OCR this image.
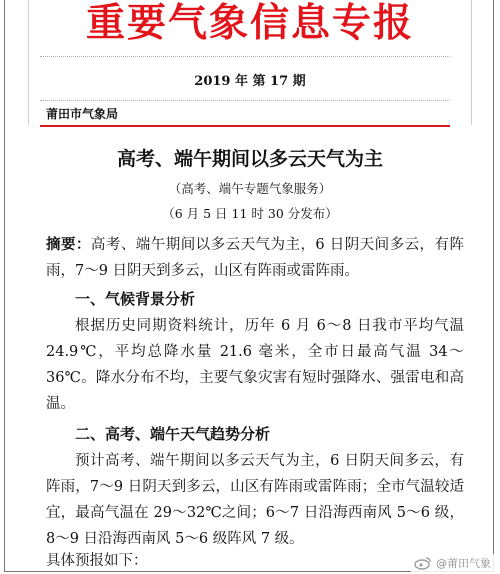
重要气象信息专报
2019 年 第 17 期
莆田市气象局
高考、端午期间以多云天气为主
（高考、端午专题气象服务）
（6 月 5 日 11 时 30 分发布）
摘要：高考、端午期间以多云天气为主，6 日阴天间多云，有阵雨，7～9 日阴天到多云，山区有阵雨或雷阵雨。
一、气候背景分析
根据历史同期资料统计，历年 6 月 6～8 日我市平均气温 24.9℃，平均总降水量 21.6 毫米，全市日最高气温 34～36℃。降水分布不均，主要气象灾害有短时强降水、强雷电和高温。
二、高考、端午天气趋势分析
预计高考、端午期间以多云天气为主，6 日阴天间多云，有阵雨，7～9 日阴天到多云，山区有阵雨或雷阵雨；全市气温较适宜，最高气温在 29～32℃之间；6～7 日沿海西南风 5～6 级，8～9 日沿海西南风 5～6 级阵风 7 级。
具体预报如下：	@莆田气象
